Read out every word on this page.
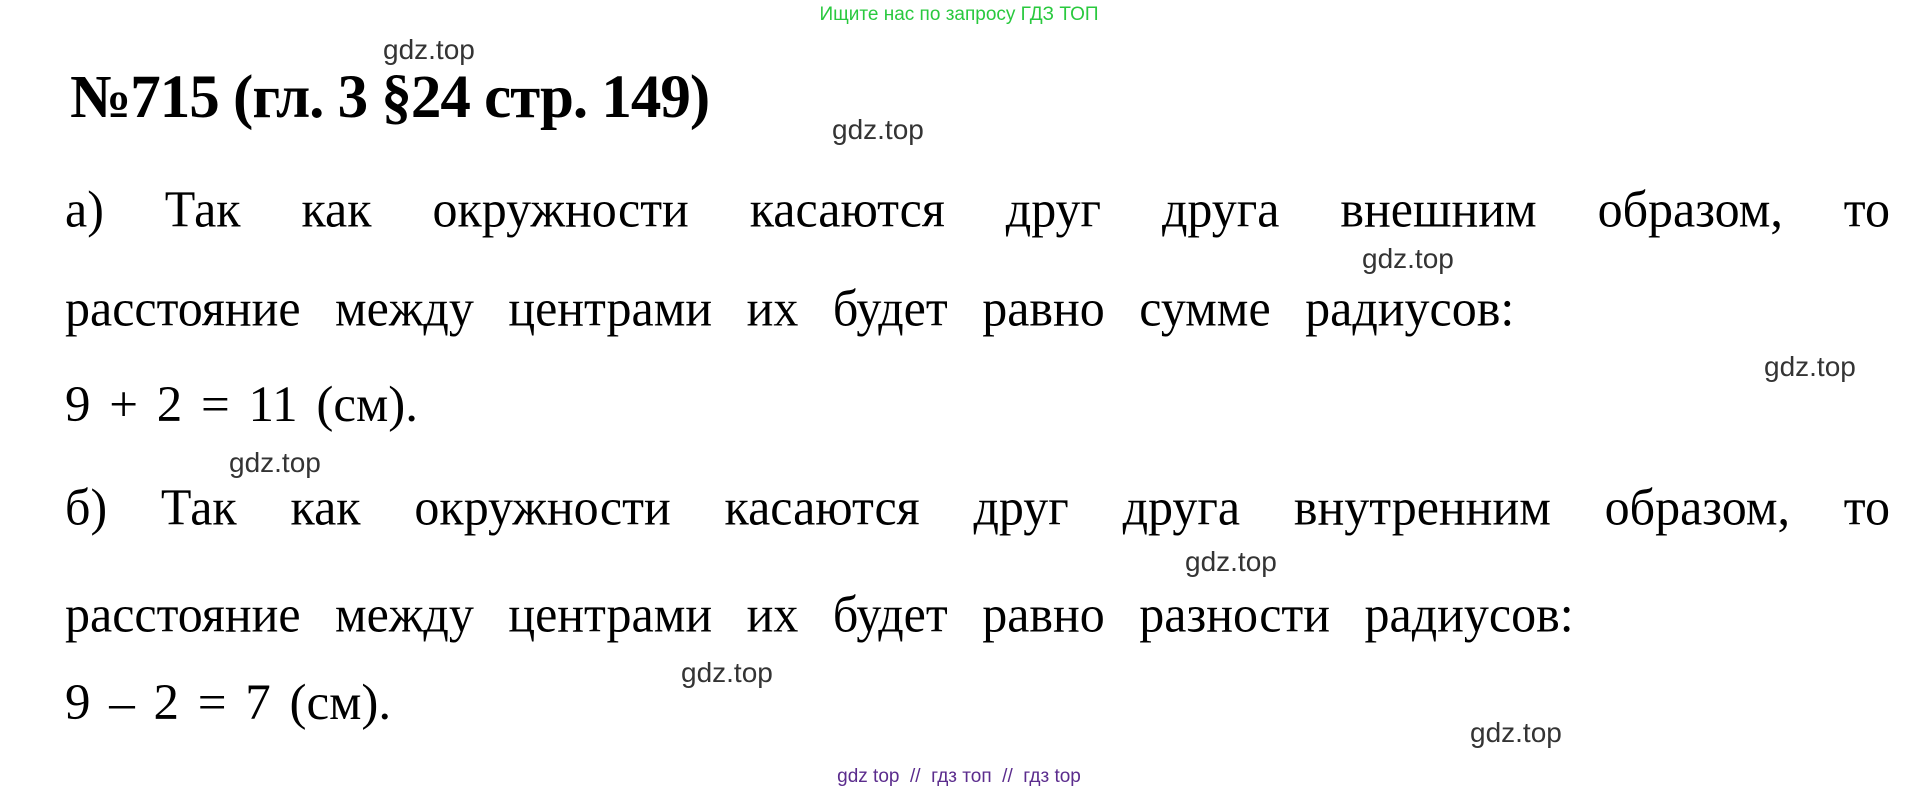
Ищите нас по запросу ГДЗ ТОП
gdz.top
gdz.top
gdz.top
gdz.top
gdz.top
gdz.top
gdz.top
gdz.top
№715 (гл. 3 §24 стр. 149)
а) Так как окружности касаются друг друга внешним образом, то
расстояние между центрами их будет равно сумме радиусов:
9 + 2 = 11 (см).
б) Так как окружности касаются друг друга внутренним образом, то
расстояние между центрами их будет равно разности радиусов:
9 – 2 = 7 (см).
gdz top  //  гдз топ  //  гдз top
